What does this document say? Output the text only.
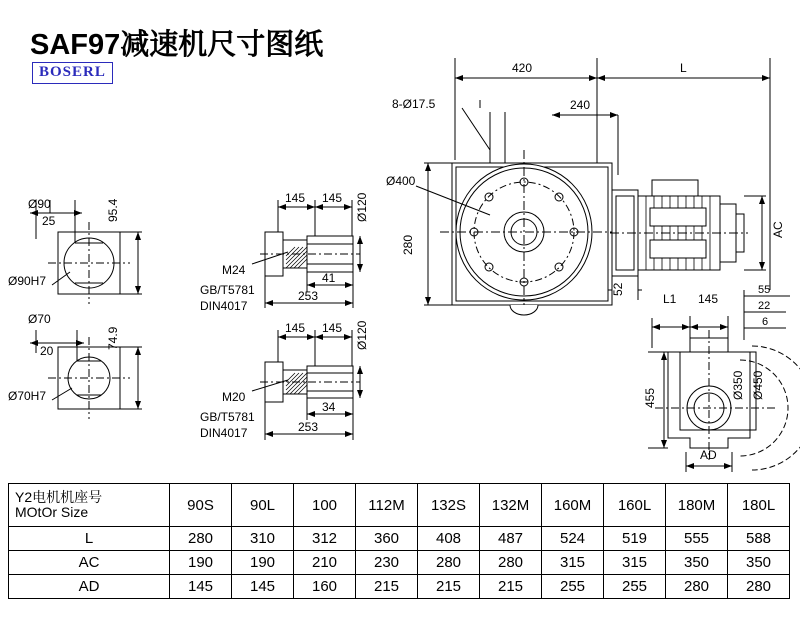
SAF97减速机尺寸图纸
BOSERL
Ø90
25	95.4
Ø90H7
Ø70
20
74.9
Ø70H7
145 145 Ø120
M24
GB/T5781
DIN4017
41
253
145 145 Ø120
M20
GB/T5781
DIN4017
34
253
420	L
8-Ø17.5	240
Ø400
280
52
AC
L1 145
55
22
6
455	Ø350 Ø450
AD
Y2电机机座号
MOtOr Size	90S	90L	100	112M	132S	132M	160M	160L	180M	180L
L	280	310	312	360	408	487	524	519	555	588
AC	190	190	210	230	280	280	315	315	350	350
AD	145	145	160	215	215	215	255	255	280	280
